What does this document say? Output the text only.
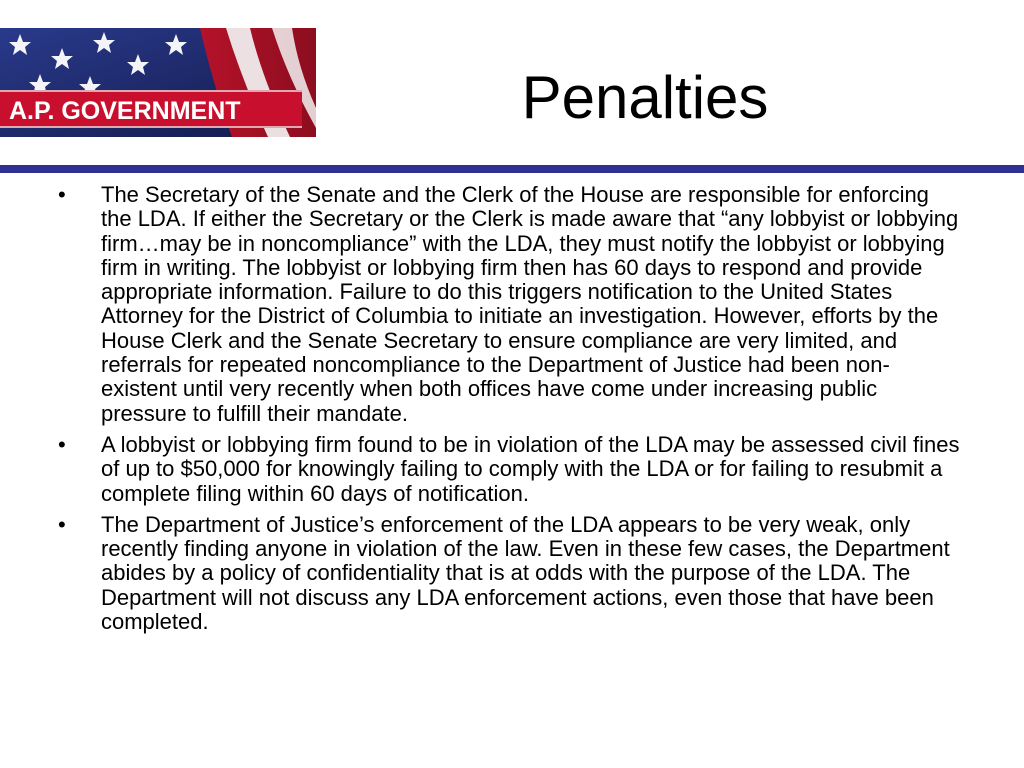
A.P. GOVERNMENT	Penalties
• The Secretary of the Senate and the Clerk of the House are responsible for enforcing the LDA. If either the Secretary or the Clerk is made aware that “any lobbyist or lobbying firm…may be in noncompliance” with the LDA, they must notify the lobbyist or lobbying firm in writing. The lobbyist or lobbying firm then has 60 days to respond and provide appropriate information. Failure to do this triggers notification to the United States Attorney for the District of Columbia to initiate an investigation. However, efforts by the House Clerk and the Senate Secretary to ensure compliance are very limited, and referrals for repeated noncompliance to the Department of Justice had been non-existent until very recently when both offices have come under increasing public pressure to fulfill their mandate.
• A lobbyist or lobbying firm found to be in violation of the LDA may be assessed civil fines of up to $50,000 for knowingly failing to comply with the LDA or for failing to resubmit a complete filing within 60 days of notification.
• The Department of Justice’s enforcement of the LDA appears to be very weak, only recently finding anyone in violation of the law. Even in these few cases, the Department abides by a policy of confidentiality that is at odds with the purpose of the LDA. The Department will not discuss any LDA enforcement actions, even those that have been completed.
